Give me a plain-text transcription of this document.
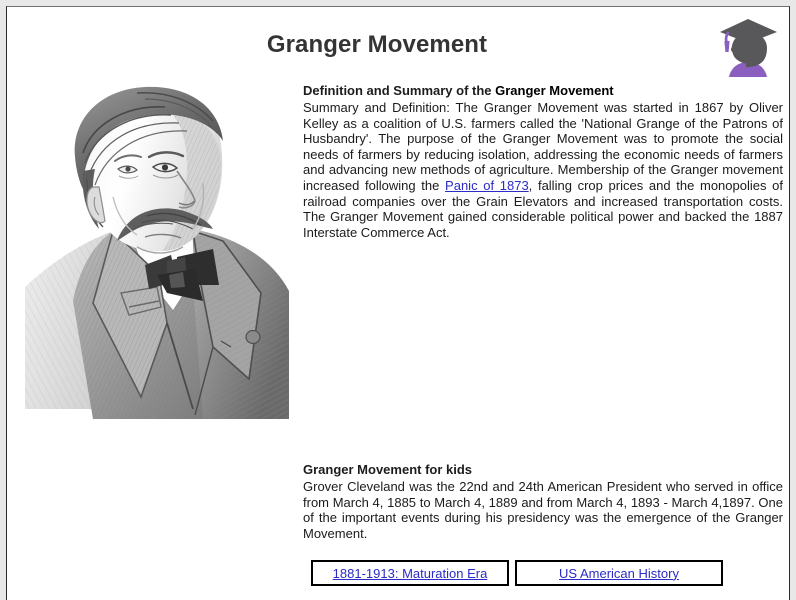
Granger Movement
Definition and Summary of the Granger Movement

Summary and Definition: The Granger Movement was started in 1867 by Oliver Kelley as a coalition of U.S. farmers called the 'National Grange of the Patrons of Husbandry'. The purpose of the Granger Movement was to promote the social needs of farmers by reducing isolation, addressing the economic needs of farmers and advancing new methods of agriculture. Membership of the Granger movement increased following the Panic of 1873, falling crop prices and the monopolies of railroad companies over the Grain Elevators and increased transportation costs. The Granger Movement gained considerable political power and backed the 1887 Interstate Commerce Act.

Granger Movement for kids

Grover Cleveland was the 22nd and 24th American President who served in office from March 4, 1885 to March 4, 1889 and from March 4, 1893 - March 4,1897. One of the important events during his presidency was the emergence of the Granger Movement.

1881-1913: Maturation Era	US American History
